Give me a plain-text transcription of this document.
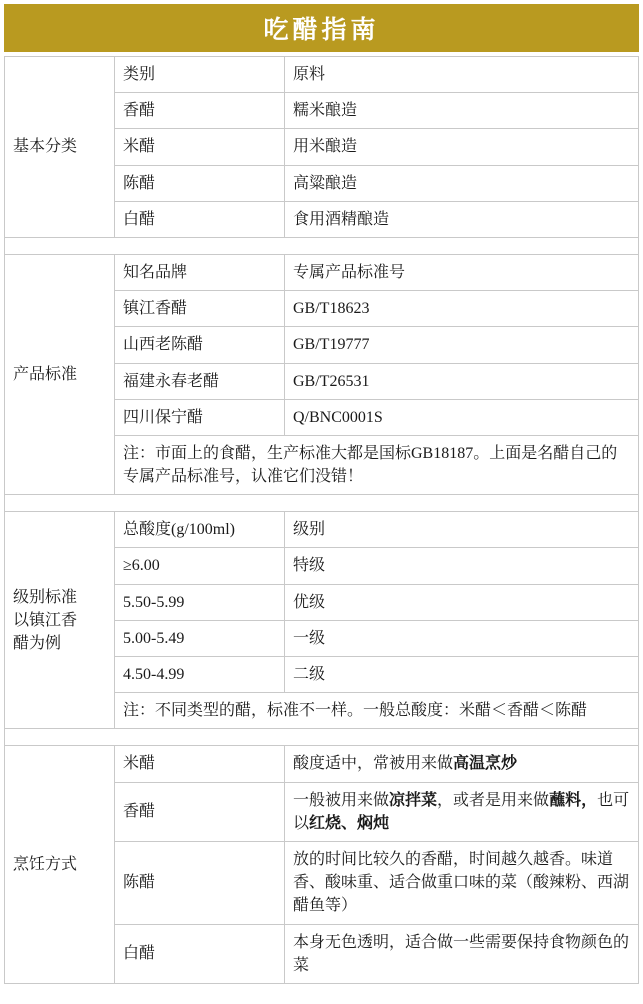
吃醋指南
基本分类	类别	原料
	香醋	糯米酿造
	米醋	用米酿造
	陈醋	高粱酿造
	白醋	食用酒精酿造

产品标准	知名品牌	专属产品标准号
	镇江香醋	GB/T18623
	山西老陈醋	GB/T19777
	福建永春老醋	GB/T26531
	四川保宁醋	Q/BNC0001S
	注：市面上的食醋，生产标准大都是国标GB18187。上面是名醋自己的专属产品标准号，认准它们没错！	

级别标准
以镇江香
醋为例	总酸度(g/100ml)	级别
	≥6.00	特级
	5.50-5.99	优级
	5.00-5.49	一级
	4.50-4.99	二级
	注：不同类型的醋，标准不一样。一般总酸度：米醋＜香醋＜陈醋	

烹饪方式	米醋	酸度适中，常被用来做高温烹炒
	香醋	一般被用来做凉拌菜，或者是用来做蘸料，也可以红烧、焖炖
	陈醋	放的时间比较久的香醋，时间越久越香。味道香、酸味重、适合做重口味的菜（酸辣粉、西湖醋鱼等）
	白醋	本身无色透明，适合做一些需要保持食物颜色的菜
